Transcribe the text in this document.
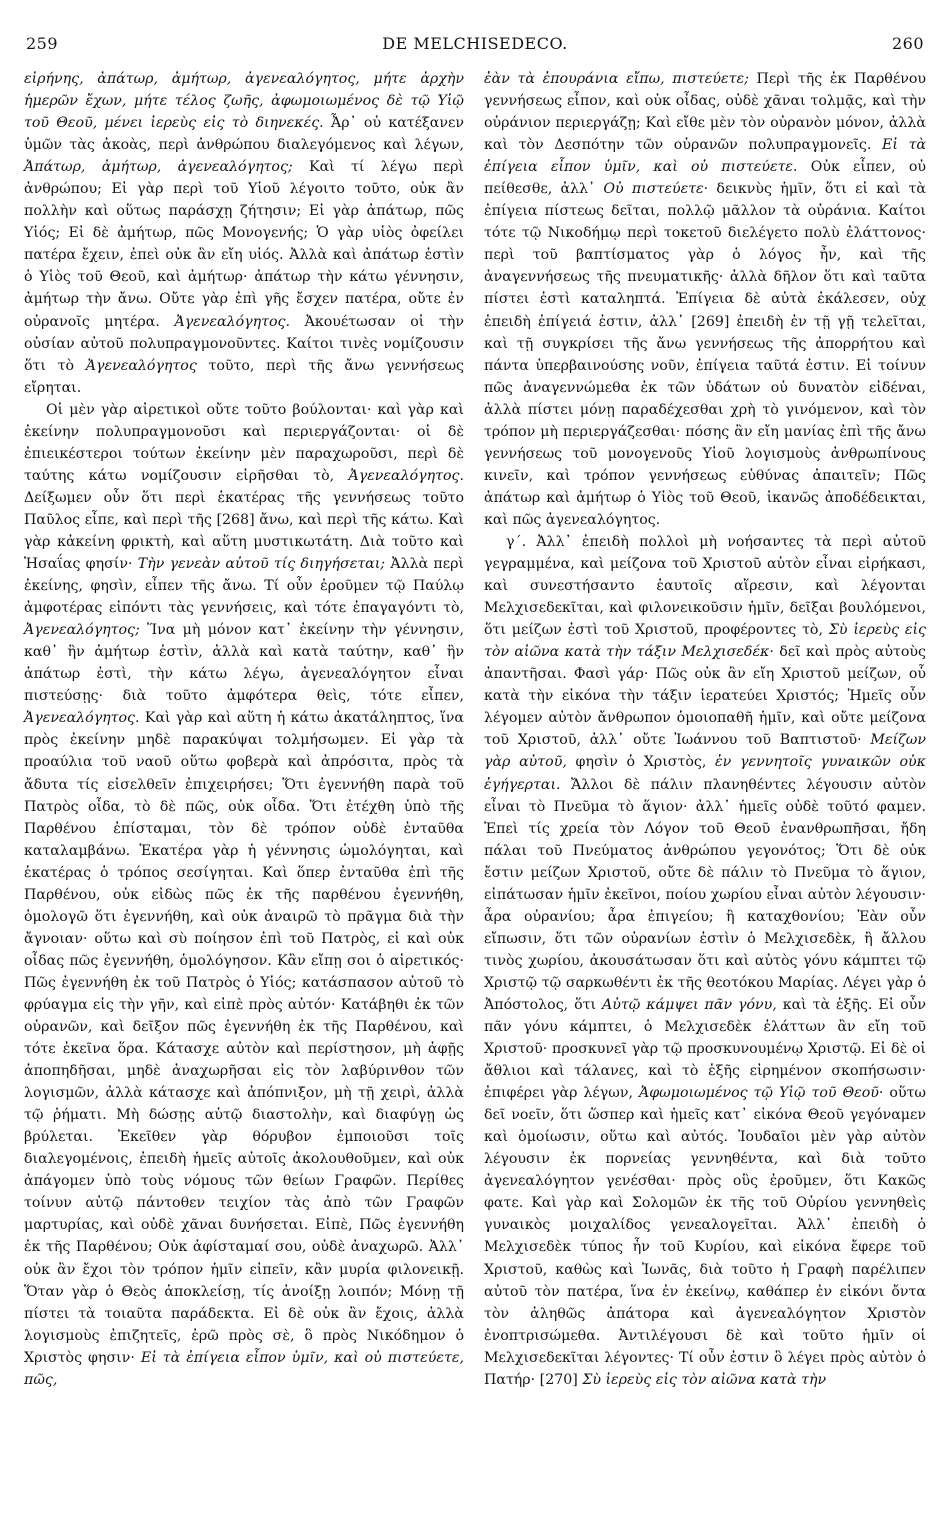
259	DE MELCHISEDECO.	260

εἰρήνης, ἀπάτωρ, ἀμήτωρ, ἀγενεαλόγητος, μήτε ἀρχὴν ἡμερῶν ἔχων, μήτε τέλος ζωῆς, ἀφωμοιωμένος δὲ τῷ Υἱῷ τοῦ Θεοῦ, μένει ἱερεὺς εἰς τὸ διηνεκές. Ἆρ᾽ οὐ κατέξανεν ὑμῶν τὰς ἀκοὰς, περὶ ἀνθρώπου διαλεγόμενος καὶ λέγων, Ἀπάτωρ, ἀμήτωρ, ἀγενεαλόγητος; Καὶ τί λέγω περὶ ἀνθρώπου; Εἰ γὰρ περὶ τοῦ Υἱοῦ λέγοιτο τοῦτο, οὐκ ἂν πολλὴν καὶ οὕτως παράσχῃ ζήτησιν; Εἰ γὰρ ἀπάτωρ, πῶς Υἱός; Εἰ δὲ ἀμήτωρ, πῶς Μονογενής; Ὁ γὰρ υἱὸς ὀφείλει πατέρα ἔχειν, ἐπεὶ οὐκ ἂν εἴη υἱός. Ἀλλὰ καὶ ἀπάτωρ ἐστὶν ὁ Υἱὸς τοῦ Θεοῦ, καὶ ἀμήτωρ· ἀπάτωρ τὴν κάτω γέννησιν, ἀμήτωρ τὴν ἄνω. Οὔτε γὰρ ἐπὶ γῆς ἔσχεν πατέρα, οὔτε ἐν οὐρανοῖς μητέρα. Ἀγενεαλόγητος. Ἀκουέτωσαν οἱ τὴν οὐσίαν αὐτοῦ πολυπραγμονοῦντες. Καίτοι τινὲς νομίζουσιν ὅτι τὸ Ἀγενεαλόγητος τοῦτο, περὶ τῆς ἄνω γεννήσεως εἴρηται.

Οἱ μὲν γὰρ αἱρετικοὶ οὔτε τοῦτο βούλονται· καὶ γὰρ καὶ ἐκείνην πολυπραγμονοῦσι καὶ περιεργάζονται· οἱ δὲ ἐπιεικέστεροι τούτων ἐκείνην μὲν παραχωροῦσι, περὶ δὲ ταύτης κάτω νομίζουσιν εἰρῆσθαι τὸ, Ἀγενεαλόγητος. Δείξωμεν οὖν ὅτι περὶ ἑκατέρας τῆς γεννήσεως τοῦτο Παῦλος εἶπε, καὶ περὶ τῆς [268] ἄνω, καὶ περὶ τῆς κάτω. Καὶ γὰρ κἀκείνη φρικτὴ, καὶ αὕτη μυστικωτάτη. Διὰ τοῦτο καὶ Ἡσαΐας φησίν· Τὴν γενεὰν αὐτοῦ τίς διηγήσεται; Ἀλλὰ περὶ ἐκείνης, φησὶν, εἶπεν τῆς ἄνω. Τί οὖν ἐροῦμεν τῷ Παύλῳ ἀμφοτέρας εἰπόντι τὰς γεννήσεις, καὶ τότε ἐπαγαγόντι τὸ, Ἀγενεαλόγητος; Ἵνα μὴ μόνον κατ᾽ ἐκείνην τὴν γέννησιν, καθ᾽ ἣν ἀμήτωρ ἐστὶν, ἀλλὰ καὶ κατὰ ταύτην, καθ᾽ ἣν ἀπάτωρ ἐστὶ, τὴν κάτω λέγω, ἀγενεαλόγητον εἶναι πιστεύσῃς· διὰ τοῦτο ἀμφότερα θεὶς, τότε εἶπεν, Ἀγενεαλόγητος. Καὶ γὰρ καὶ αὕτη ἡ κάτω ἀκατάληπτος, ἵνα πρὸς ἐκείνην μηδὲ παρακύψαι τολμήσωμεν. Εἰ γὰρ τὰ προαύλια τοῦ ναοῦ οὕτω φοβερὰ καὶ ἀπρόσιτα, πρὸς τὰ ἄδυτα τίς εἰσελθεῖν ἐπιχειρήσει; Ὅτι ἐγεννήθη παρὰ τοῦ Πατρὸς οἶδα, τὸ δὲ πῶς, οὐκ οἶδα. Ὅτι ἐτέχθη ὑπὸ τῆς Παρθένου ἐπίσταμαι, τὸν δὲ τρόπον οὐδὲ ἐνταῦθα καταλαμβάνω. Ἑκατέρα γὰρ ἡ γέννησις ὡμολόγηται, καὶ ἑκατέρας ὁ τρόπος σεσίγηται. Καὶ ὅπερ ἐνταῦθα ἐπὶ τῆς Παρθένου, οὐκ εἰδὼς πῶς ἐκ τῆς παρθένου ἐγεννήθη, ὁμολογῶ ὅτι ἐγεννήθη, καὶ οὐκ ἀναιρῶ τὸ πρᾶγμα διὰ τὴν ἄγνοιαν· οὕτω καὶ σὺ ποίησον ἐπὶ τοῦ Πατρὸς, εἰ καὶ οὐκ οἶδας πῶς ἐγεννήθη, ὁμολόγησον. Κἂν εἴπῃ σοι ὁ αἱρετικός· Πῶς ἐγεννήθη ἐκ τοῦ Πατρὸς ὁ Υἱός; κατάσπασον αὐτοῦ τὸ φρύαγμα εἰς τὴν γῆν, καὶ εἰπὲ πρὸς αὐτόν· Κατάβηθι ἐκ τῶν οὐρανῶν, καὶ δεῖξον πῶς ἐγεννήθη ἐκ τῆς Παρθένου, καὶ τότε ἐκεῖνα ὅρα. Κάτασχε αὐτὸν καὶ περίστησον, μὴ ἀφῇς ἀποπηδῆσαι, μηδὲ ἀναχωρῆσαι εἰς τὸν λαβύρινθον τῶν λογισμῶν, ἀλλὰ κάτασχε καὶ ἀπόπνιξον, μὴ τῇ χειρὶ, ἀλλὰ τῷ ῥήματι. Μὴ δώσῃς αὐτῷ διαστολὴν, καὶ διαφύγῃ ὡς βρύλεται. Ἐκεῖθεν γὰρ θόρυβον ἐμποιοῦσι τοῖς διαλεγομένοις, ἐπειδὴ ἡμεῖς αὐτοῖς ἀκολουθοῦμεν, καὶ οὐκ ἀπάγομεν ὑπὸ τοὺς νόμους τῶν θείων Γραφῶν. Περίθες τοίνυν αὐτῷ πάντοθεν τειχίον τὰς ἀπὸ τῶν Γραφῶν μαρτυρίας, καὶ οὐδὲ χᾶναι δυνήσεται. Εἰπὲ, Πῶς ἐγεννήθη ἐκ τῆς Παρθένου; Οὐκ ἀφίσταμαί σου, οὐδὲ ἀναχωρῶ. Ἀλλ᾽ οὐκ ἂν ἔχοι τὸν τρόπον ἡμῖν εἰπεῖν, κἂν μυρία φιλονεικῇ. Ὅταν γὰρ ὁ Θεὸς ἀποκλείσῃ, τίς ἀνοίξῃ λοιπόν; Μόνῃ τῇ πίστει τὰ τοιαῦτα παράδεκτα. Εἰ δὲ οὐκ ἂν ἔχοις, ἀλλὰ λογισμοὺς ἐπιζητεῖς, ἐρῶ πρὸς σὲ, ὃ πρὸς Νικόδημον ὁ Χριστὸς φησιν· Εἰ τὰ ἐπίγεια εἶπον ὑμῖν, καὶ οὐ πιστεύετε, πῶς,

ἐὰν τὰ ἐπουράνια εἴπω, πιστεύετε; Περὶ τῆς ἐκ Παρθένου γεννήσεως εἶπον, καὶ οὐκ οἶδας, οὐδὲ χᾶναι τολμᾷς, καὶ τὴν οὐράνιον περιεργάζῃ; Καὶ εἴθε μὲν τὸν οὐρανὸν μόνον, ἀλλὰ καὶ τὸν Δεσπότην τῶν οὐρανῶν πολυπραγμονεῖς. Εἰ τὰ ἐπίγεια εἶπον ὑμῖν, καὶ οὐ πιστεύετε. Οὐκ εἶπεν, οὐ πείθεσθε, ἀλλ᾽ Οὐ πιστεύετε· δεικνὺς ἡμῖν, ὅτι εἰ καὶ τὰ ἐπίγεια πίστεως δεῖται, πολλῷ μᾶλλον τὰ οὐράνια. Καίτοι τότε τῷ Νικοδήμῳ περὶ τοκετοῦ διελέγετο πολὺ ἐλάττονος· περὶ τοῦ βαπτίσματος γὰρ ὁ λόγος ἦν, καὶ τῆς ἀναγεννήσεως τῆς πνευματικῆς· ἀλλὰ δῆλον ὅτι καὶ ταῦτα πίστει ἐστὶ καταληπτά. Ἐπίγεια δὲ αὐτὰ ἐκάλεσεν, οὐχ ἐπειδὴ ἐπίγειά ἐστιν, ἀλλ᾽ [269] ἐπειδὴ ἐν τῇ γῇ τελεῖται, καὶ τῇ συγκρίσει τῆς ἄνω γεννήσεως τῆς ἀπορρήτου καὶ πάντα ὑπερβαινούσης νοῦν, ἐπίγεια ταῦτά ἐστιν. Εἰ τοίνυν πῶς ἀναγεννώμεθα ἐκ τῶν ὑδάτων οὐ δυνατὸν εἰδέναι, ἀλλὰ πίστει μόνῃ παραδέχεσθαι χρὴ τὸ γινόμενον, καὶ τὸν τρόπον μὴ περιεργάζεσθαι· πόσης ἂν εἴη μανίας ἐπὶ τῆς ἄνω γεννήσεως τοῦ μονογενοῦς Υἱοῦ λογισμοὺς ἀνθρωπίνους κινεῖν, καὶ τρόπον γεννήσεως εὐθύνας ἀπαιτεῖν; Πῶς ἀπάτωρ καὶ ἀμήτωρ ὁ Υἱὸς τοῦ Θεοῦ, ἱκανῶς ἀποδέδεικται, καὶ πῶς ἀγενεαλόγητος.

γ΄. Ἀλλ᾽ ἐπειδὴ πολλοὶ μὴ νοήσαντες τὰ περὶ αὐτοῦ γεγραμμένα, καὶ μείζονα τοῦ Χριστοῦ αὐτὸν εἶναι εἰρήκασι, καὶ συνεστήσαντο ἑαυτοῖς αἵρεσιν, καὶ λέγονται Μελχισεδεκῖται, καὶ φιλονεικοῦσιν ἡμῖν, δεῖξαι βουλόμενοι, ὅτι μείζων ἐστὶ τοῦ Χριστοῦ, προφέροντες τὸ, Σὺ ἱερεὺς εἰς τὸν αἰῶνα κατὰ τὴν τάξιν Μελχισεδέκ· δεῖ καὶ πρὸς αὐτοὺς ἀπαντῆσαι. Φασὶ γάρ· Πῶς οὐκ ἂν εἴη Χριστοῦ μείζων, οὗ κατὰ τὴν εἰκόνα τὴν τάξιν ἱερατεύει Χριστός; Ἡμεῖς οὖν λέγομεν αὐτὸν ἄνθρωπον ὁμοιοπαθῆ ἡμῖν, καὶ οὔτε μείζονα τοῦ Χριστοῦ, ἀλλ᾽ οὔτε Ἰωάννου τοῦ Βαπτιστοῦ· Μείζων γὰρ αὐτοῦ, φησὶν ὁ Χριστὸς, ἐν γεννητοῖς γυναικῶν οὐκ ἐγήγερται. Ἄλλοι δὲ πάλιν πλανηθέντες λέγουσιν αὐτὸν εἶναι τὸ Πνεῦμα τὸ ἅγιον· ἀλλ᾽ ἡμεῖς οὐδὲ τοῦτό φαμεν. Ἐπεὶ τίς χρεία τὸν Λόγον τοῦ Θεοῦ ἐνανθρωπῆσαι, ἤδη πάλαι τοῦ Πνεύματος ἀνθρώπου γεγονότος; Ὅτι δὲ οὐκ ἔστιν μείζων Χριστοῦ, οὔτε δὲ πάλιν τὸ Πνεῦμα τὸ ἅγιον, εἰπάτωσαν ἡμῖν ἐκεῖνοι, ποίου χωρίου εἶναι αὐτὸν λέγουσιν· ἆρα οὐρανίου; ἆρα ἐπιγείου; ἢ καταχθονίου; Ἐὰν οὖν εἴπωσιν, ὅτι τῶν οὐρανίων ἐστὶν ὁ Μελχισεδὲκ, ἢ ἄλλου τινὸς χωρίου, ἀκουσάτωσαν ὅτι καὶ αὐτὸς γόνυ κάμπτει τῷ Χριστῷ τῷ σαρκωθέντι ἐκ τῆς θεοτόκου Μαρίας. Λέγει γὰρ ὁ Ἀπόστολος, ὅτι Αὐτῷ κάμψει πᾶν γόνυ, καὶ τὰ ἑξῆς. Εἰ οὖν πᾶν γόνυ κάμπτει, ὁ Μελχισεδὲκ ἐλάττων ἂν εἴη τοῦ Χριστοῦ· προσκυνεῖ γὰρ τῷ προσκυνουμένῳ Χριστῷ. Εἰ δὲ οἱ ἄθλιοι καὶ τάλανες, καὶ τὸ ἑξῆς εἰρημένον σκοπήσωσιν· ἐπιφέρει γὰρ λέγων, Ἀφωμοιωμένος τῷ Υἱῷ τοῦ Θεοῦ· οὕτω δεῖ νοεῖν, ὅτι ὥσπερ καὶ ἡμεῖς κατ᾽ εἰκόνα Θεοῦ γεγόναμεν καὶ ὁμοίωσιν, οὕτω καὶ αὐτός. Ἰουδαῖοι μὲν γὰρ αὐτὸν λέγουσιν ἐκ πορνείας γεννηθέντα, καὶ διὰ τοῦτο ἀγενεαλόγητον γενέσθαι· πρὸς οὓς ἐροῦμεν, ὅτι Κακῶς φατε. Καὶ γὰρ καὶ Σολομῶν ἐκ τῆς τοῦ Οὐρίου γεννηθεὶς γυναικὸς μοιχαλίδος γενεαλογεῖται. Ἀλλ᾽ ἐπειδὴ ὁ Μελχισεδὲκ τύπος ἦν τοῦ Κυρίου, καὶ εἰκόνα ἔφερε τοῦ Χριστοῦ, καθὼς καὶ Ἰωνᾶς, διὰ τοῦτο ἡ Γραφὴ παρέλιπεν αὐτοῦ τὸν πατέρα, ἵνα ἐν ἐκείνῳ, καθάπερ ἐν εἰκόνι ὄντα τὸν ἀληθῶς ἀπάτορα καὶ ἀγενεαλόγητον Χριστὸν ἐνοπτρισώμεθα. Ἀντιλέγουσι δὲ καὶ τοῦτο ἡμῖν οἱ Μελχισεδεκῖται λέγοντες· Τί οὖν ἐστιν ὃ λέγει πρὸς αὐτὸν ὁ Πατήρ· [270] Σὺ ἱερεὺς εἰς τὸν αἰῶνα κατὰ τὴν
